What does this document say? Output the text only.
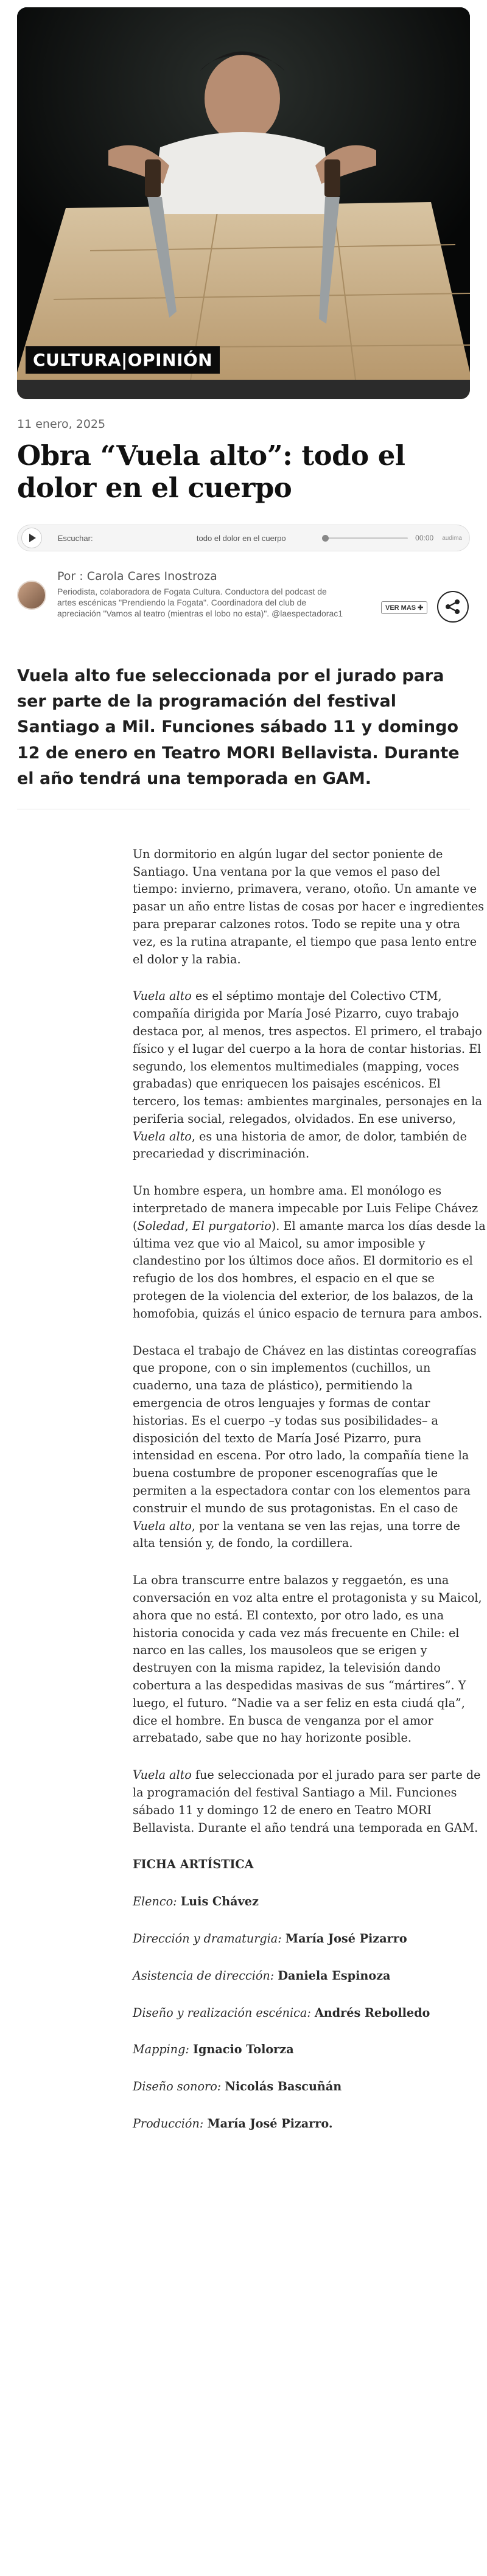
CULTURA|OPINIÓN
11 enero, 2025
Obra “Vuela alto”: todo el dolor en el cuerpo
Escuchar:	todo el dolor en el cuerpo	00:00 audima
Por : Carola Cares Inostroza
Periodista, colaboradora de Fogata Cultura. Conductora del podcast de artes escénicas "Prendiendo la Fogata". Coordinadora del club de apreciación "Vamos al teatro (mientras el lobo no esta)". @laespectadorac1
VER MAS ✚

Vuela alto fue seleccionada por el jurado para ser parte de la programación del festival Santiago a Mil. Funciones sábado 11 y domingo 12 de enero en Teatro MORI Bellavista. Durante el año tendrá una temporada en GAM.

Un dormitorio en algún lugar del sector poniente de Santiago. Una ventana por la que vemos el paso del tiempo: invierno, primavera, verano, otoño. Un amante ve pasar un año entre listas de cosas por hacer e ingredientes para preparar calzones rotos. Todo se repite una y otra vez, es la rutina atrapante, el tiempo que pasa lento entre el dolor y la rabia.

Vuela alto es el séptimo montaje del Colectivo CTM, compañía dirigida por María José Pizarro, cuyo trabajo destaca por, al menos, tres aspectos. El primero, el trabajo físico y el lugar del cuerpo a la hora de contar historias. El segundo, los elementos multimediales (mapping, voces grabadas) que enriquecen los paisajes escénicos. El tercero, los temas: ambientes marginales, personajes en la periferia social, relegados, olvidados. En ese universo, Vuela alto, es una historia de amor, de dolor, también de precariedad y discriminación.

Un hombre espera, un hombre ama. El monólogo es interpretado de manera impecable por Luis Felipe Chávez (Soledad, El purgatorio). El amante marca los días desde la última vez que vio al Maicol, su amor imposible y clandestino por los últimos doce años. El dormitorio es el refugio de los dos hombres, el espacio en el que se protegen de la violencia del exterior, de los balazos, de la homofobia, quizás el único espacio de ternura para ambos.

Destaca el trabajo de Chávez en las distintas coreografías que propone, con o sin implementos (cuchillos, un cuaderno, una taza de plástico), permitiendo la emergencia de otros lenguajes y formas de contar historias. Es el cuerpo –y todas sus posibilidades– a disposición del texto de María José Pizarro, pura intensidad en escena. Por otro lado, la compañía tiene la buena costumbre de proponer escenografías que le permiten a la espectadora contar con los elementos para construir el mundo de sus protagonistas. En el caso de Vuela alto, por la ventana se ven las rejas, una torre de alta tensión y, de fondo, la cordillera.

La obra transcurre entre balazos y reggaetón, es una conversación en voz alta entre el protagonista y su Maicol, ahora que no está. El contexto, por otro lado, es una historia conocida y cada vez más frecuente en Chile: el narco en las calles, los mausoleos que se erigen y destruyen con la misma rapidez, la televisión dando cobertura a las despedidas masivas de sus “mártires”. Y luego, el futuro. “Nadie va a ser feliz en esta ciudá qla”, dice el hombre. En busca de venganza por el amor arrebatado, sabe que no hay horizonte posible.

Vuela alto fue seleccionada por el jurado para ser parte de la programación del festival Santiago a Mil. Funciones sábado 11 y domingo 12 de enero en Teatro MORI Bellavista. Durante el año tendrá una temporada en GAM.

FICHA ARTÍSTICA

Elenco: Luis Chávez

Dirección y dramaturgia: María José Pizarro

Asistencia de dirección: Daniela Espinoza

Diseño y realización escénica: Andrés Rebolledo

Mapping: Ignacio Tolorza

Diseño sonoro: Nicolás Bascuñán

Producción: María José Pizarro.
